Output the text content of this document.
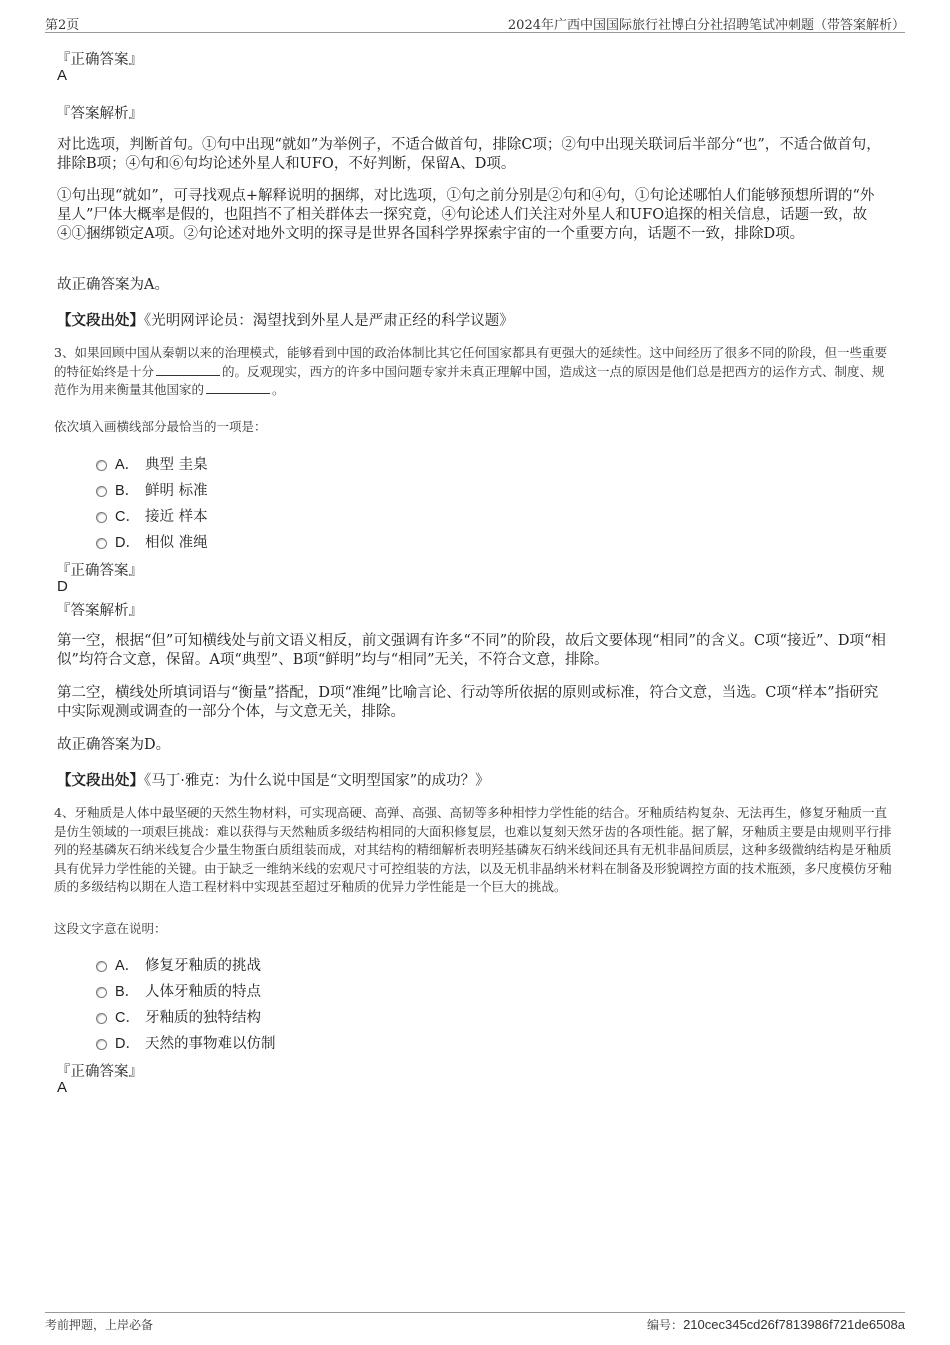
第2页	2024年广西中国国际旅行社博白分社招聘笔试冲刺题（带答案解析）
『正确答案』
A
『答案解析』
对比选项，判断首句。①句中出现“就如”为举例子，不适合做首句，排除C项；②句中出现关联词后半部分“也”，不适合做首句，排除B项；④句和⑥句均论述外星人和UFO，不好判断，保留A、D项。
①句出现“就如”，可寻找观点+解释说明的捆绑，对比选项，①句之前分别是②句和④句，①句论述哪怕人们能够预想所谓的“外星人”尸体大概率是假的，也阻挡不了相关群体去一探究竟，④句论述人们关注对外星人和UFO追探的相关信息，话题一致，故④①捆绑锁定A项。②句论述对地外文明的探寻是世界各国科学界探索宇宙的一个重要方向，话题不一致，排除D项。
故正确答案为A。
【文段出处】《光明网评论员：渴望找到外星人是严肃正经的科学议题》
3、如果回顾中国从秦朝以来的治理模式，能够看到中国的政治体制比其它任何国家都具有更强大的延续性。这中间经历了很多不同的阶段，但一些重要的特征始终是十分	的。反观现实，西方的许多中国问题专家并未真正理解中国，造成这一点的原因是他们总是把西方的运作方式、制度、规范作为用来衡量其他国家的	。
依次填入画横线部分最恰当的一项是：
A． 典型 圭臬
B． 鲜明 标准
C． 接近 样本
D． 相似 准绳
『正确答案』
D
『答案解析』
第一空，根据“但”可知横线处与前文语义相反，前文强调有许多“不同”的阶段，故后文要体现“相同”的含义。C项“接近”、D项“相似”均符合文意，保留。A项“典型”、B项“鲜明”均与“相同”无关，不符合文意，排除。
第二空，横线处所填词语与“衡量”搭配，D项“准绳”比喻言论、行动等所依据的原则或标准，符合文意，当选。C项“样本”指研究中实际观测或调查的一部分个体，与文意无关，排除。
故正确答案为D。
【文段出处】《马丁·雅克：为什么说中国是“文明型国家”的成功？》
4、牙釉质是人体中最坚硬的天然生物材料，可实现高硬、高弹、高强、高韧等多种相悖力学性能的结合。牙釉质结构复杂、无法再生，修复牙釉质一直是仿生领域的一项艰巨挑战：难以获得与天然釉质多级结构相同的大面积修复层，也难以复刻天然牙齿的各项性能。据了解，牙釉质主要是由规则平行排列的羟基磷灰石纳米线复合少量生物蛋白质组装而成，对其结构的精细解析表明羟基磷灰石纳米线间还具有无机非晶间质层，这种多级微纳结构是牙釉质具有优异力学性能的关键。由于缺乏一维纳米线的宏观尺寸可控组装的方法，以及无机非晶纳米材料在制备及形貌调控方面的技术瓶颈，多尺度模仿牙釉质的多级结构以期在人造工程材料中实现甚至超过牙釉质的优异力学性能是一个巨大的挑战。
这段文字意在说明：
A． 修复牙釉质的挑战
B． 人体牙釉质的特点
C． 牙釉质的独特结构
D． 天然的事物难以仿制
『正确答案』
A
考前押题，上岸必备	编号：210cec345cd26f7813986f721de6508a
